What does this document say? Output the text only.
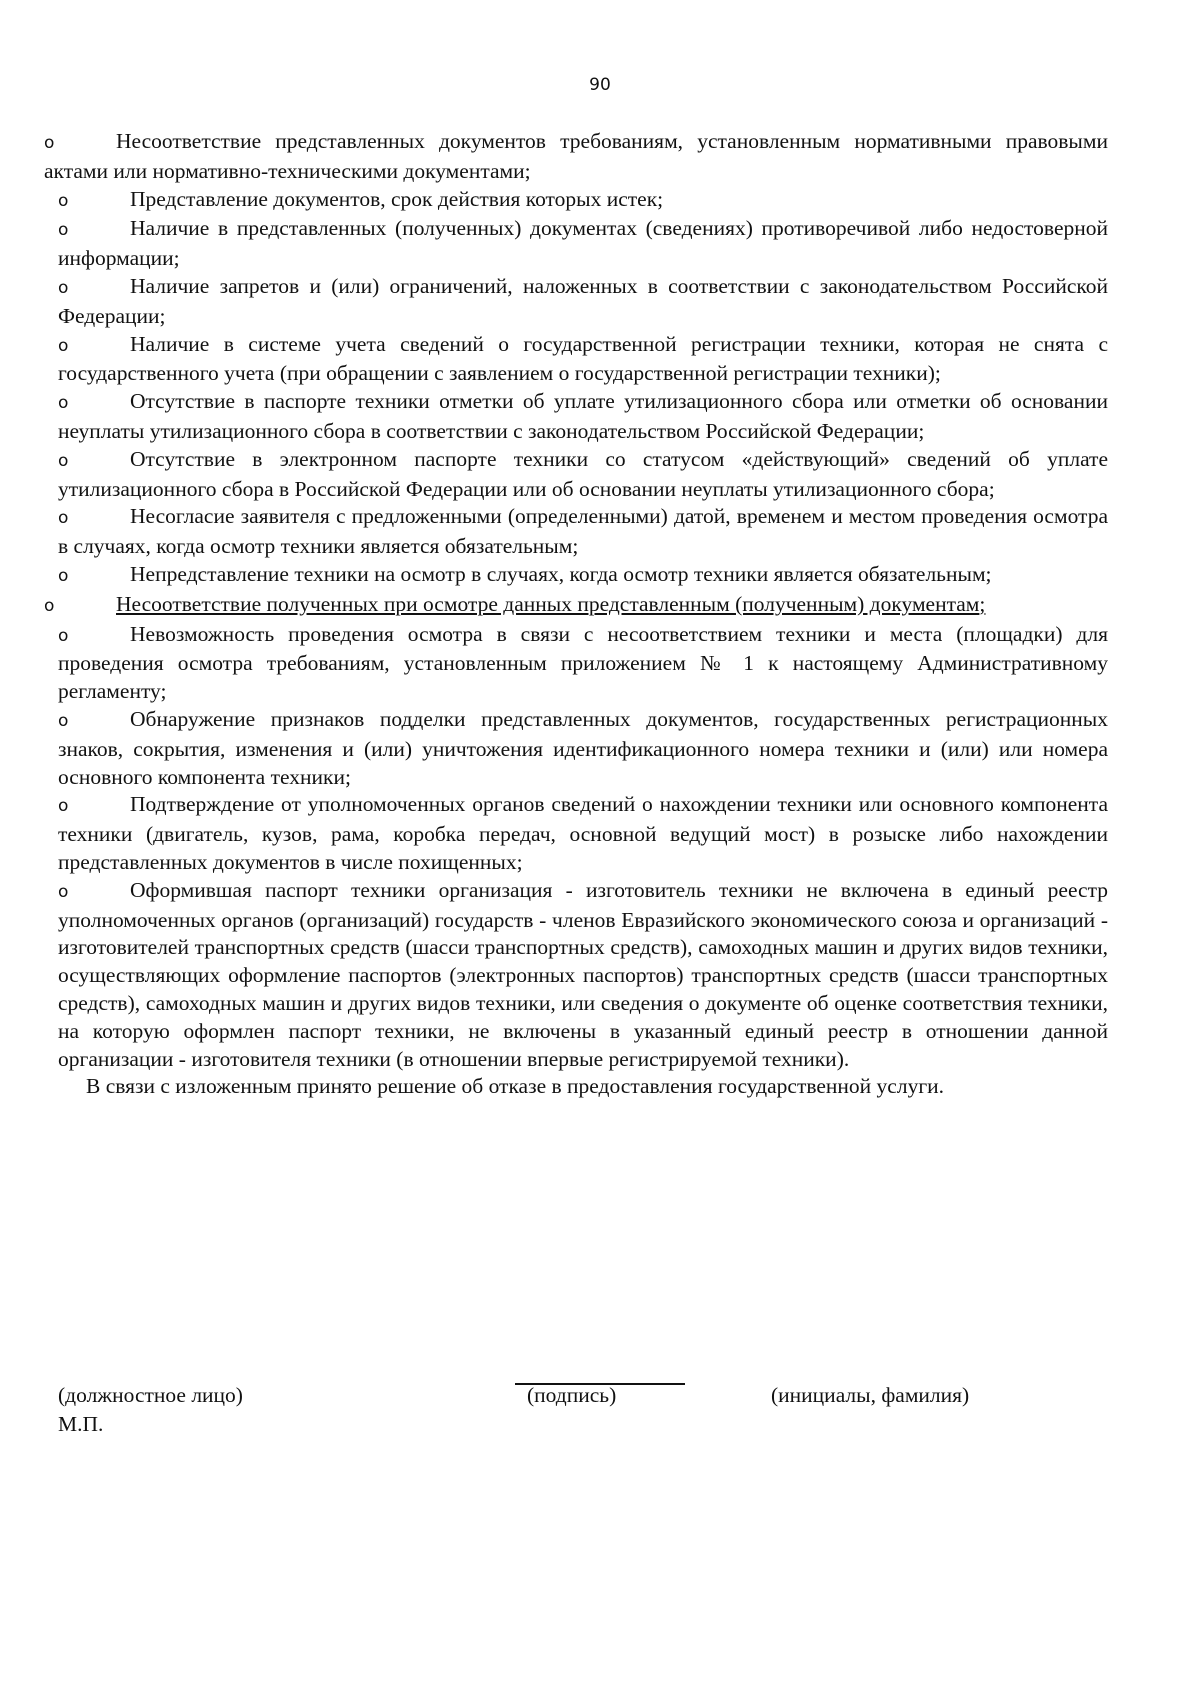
90
o	Несоответствие представленных документов требованиям, установленным нормативными правовыми актами или нормативно-техническими документами;
o	Представление документов, срок действия которых истек;
o	Наличие в представленных (полученных) документах (сведениях) противоречивой либо недостоверной информации;
o	Наличие запретов и (или) ограничений, наложенных в соответствии с законодательством Российской Федерации;
o	Наличие в системе учета сведений о государственной регистрации техники, которая не снята с государственного учета (при обращении с заявлением о государственной регистрации техники);
o	Отсутствие в паспорте техники отметки об уплате утилизационного сбора или отметки об основании неуплаты утилизационного сбора в соответствии с законодательством Российской Федерации;
o	Отсутствие в электронном паспорте техники со статусом «действующий» сведений об уплате утилизационного сбора в Российской Федерации или об основании неуплаты утилизационного сбора;
o	Несогласие заявителя с предложенными (определенными) датой, временем и местом проведения осмотра в случаях, когда осмотр техники является обязательным;
o	Непредставление техники на осмотр в случаях, когда осмотр техники является обязательным;
o	Несоответствие полученных при осмотре данных представленным (полученным) документам;
o	Невозможность проведения осмотра в связи с несоответствием техники и места (площадки) для проведения осмотра требованиям, установленным приложением № 1 к настоящему Административному регламенту;
o	Обнаружение признаков подделки представленных документов, государственных регистрационных знаков, сокрытия, изменения и (или) уничтожения идентификационного номера техники и (или) или номера основного компонента техники;
o	Подтверждение от уполномоченных органов сведений о нахождении техники или основного компонента техники (двигатель, кузов, рама, коробка передач, основной ведущий мост) в розыске либо нахождении представленных документов в числе похищенных;
o	Оформившая паспорт техники организация - изготовитель техники не включена в единый реестр уполномоченных органов (организаций) государств - членов Евразийского экономического союза и организаций - изготовителей транспортных средств (шасси транспортных средств), самоходных машин и других видов техники, осуществляющих оформление паспортов (электронных паспортов) транспортных средств (шасси транспортных средств), самоходных машин и других видов техники, или сведения о документе об оценке соответствия техники, на которую оформлен паспорт техники, не включены в указанный единый реестр в отношении данной организации - изготовителя техники (в отношении впервые регистрируемой техники).
В связи с изложенным принято решение об отказе в предоставления государственной услуги.
(должностное лицо)	(подпись)	(инициалы, фамилия)
М.П.
